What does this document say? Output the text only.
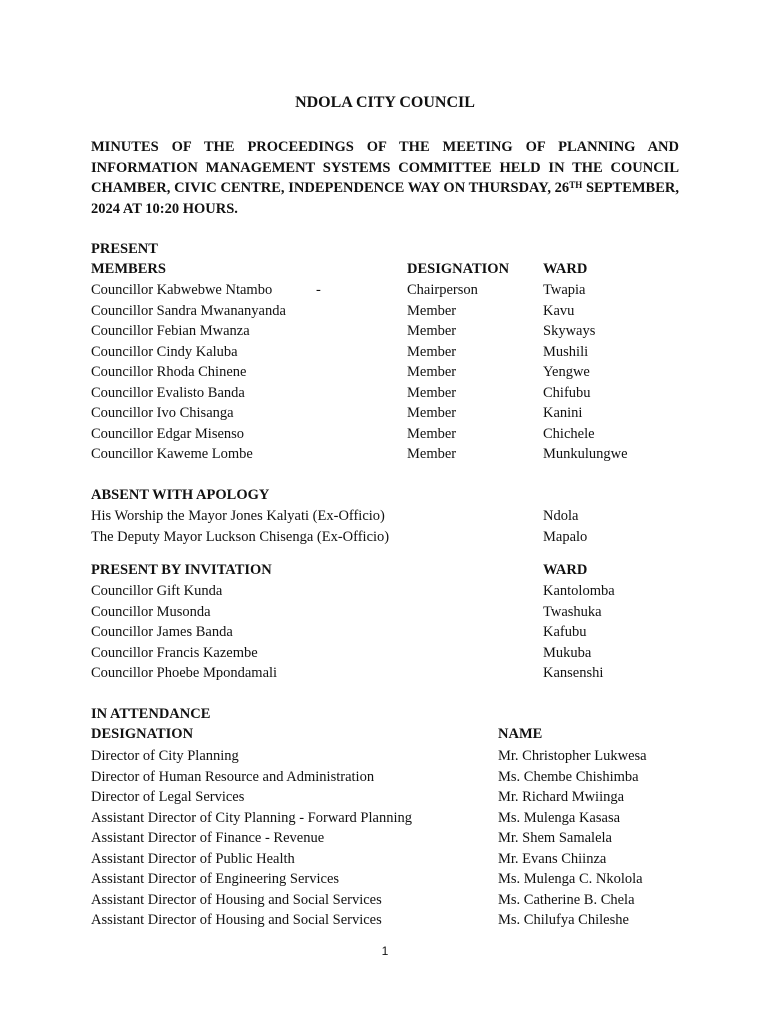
NDOLA CITY COUNCIL
MINUTES OF THE PROCEEDINGS OF THE MEETING OF PLANNING AND INFORMATION MANAGEMENT SYSTEMS COMMITTEE HELD IN THE COUNCIL CHAMBER, CIVIC CENTRE, INDEPENDENCE WAY ON THURSDAY, 26TH SEPTEMBER, 2024 AT 10:20 HOURS.
PRESENT
MEMBERS	DESIGNATION WARD
Councillor Kabwebwe Ntambo	-	Chairperson	Twapia
Councillor Sandra Mwananyanda	Member	Kavu
Councillor Febian Mwanza	Member	Skyways
Councillor Cindy Kaluba	Member	Mushili
Councillor Rhoda Chinene	Member	Yengwe
Councillor Evalisto Banda	Member	Chifubu
Councillor Ivo Chisanga	Member	Kanini
Councillor Edgar Misenso	Member	Chichele
Councillor Kaweme Lombe	Member	Munkulungwe
ABSENT WITH APOLOGY
His Worship the Mayor Jones Kalyati (Ex-Officio)	Ndola
The Deputy Mayor Luckson Chisenga (Ex-Officio)	Mapalo
PRESENT BY INVITATION	WARD
Councillor Gift Kunda	Kantolomba
Councillor Musonda	Twashuka
Councillor James Banda	Kafubu
Councillor Francis Kazembe	Mukuba
Councillor Phoebe Mpondamali	Kansenshi
IN ATTENDANCE
DESIGNATION	NAME
Director of City Planning	Mr. Christopher Lukwesa
Director of Human Resource and Administration	Ms. Chembe Chishimba
Director of Legal Services	Mr. Richard Mwiinga
Assistant Director of City Planning - Forward Planning	Ms. Mulenga Kasasa
Assistant Director of Finance - Revenue	Mr. Shem Samalela
Assistant Director of Public Health	Mr. Evans Chiinza
Assistant Director of Engineering Services	Ms. Mulenga C. Nkolola
Assistant Director of Housing and Social Services	Ms. Catherine B. Chela
Assistant Director of Housing and Social Services	Ms. Chilufya Chileshe
1
